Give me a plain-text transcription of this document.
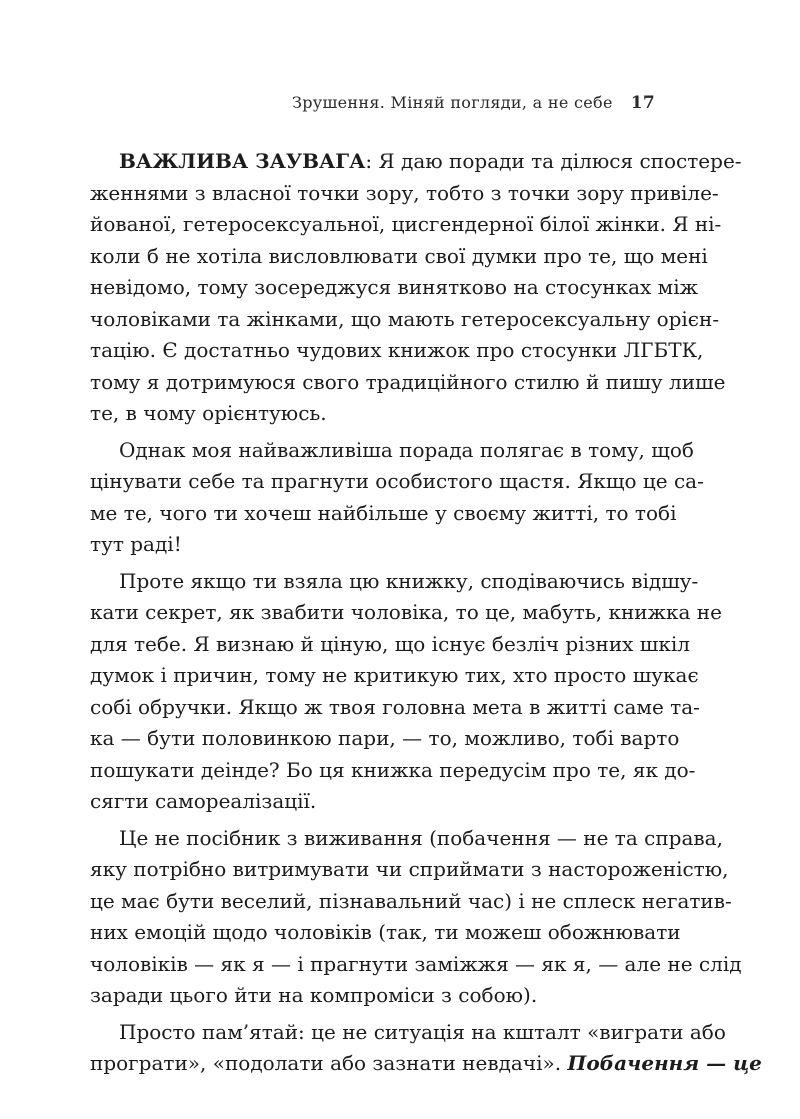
Зрушення. Міняй погляди, а не себе 17
ВАЖЛИВА ЗАУВАГА: Я даю поради та ділюся спостере-
женнями з власної точки зору, тобто з точки зору привіле-
йованої, гетеросексуальної, цисгендерної білої жінки. Я ні-
коли б не хотіла висловлювати свої думки про те, що мені
невідомо, тому зосереджуся винятково на стосунках між
чоловіками та жінками, що мають гетеросексуальну орієн-
тацію. Є достатньо чудових книжок про стосунки ЛГБТК,
тому я дотримуюся свого традиційного стилю й пишу лише
те, в чому орієнтуюсь.
Однак моя найважливіша порада полягає в тому, щоб
цінувати себе та прагнути особистого щастя. Якщо це са-
ме те, чого ти хочеш найбільше у своєму житті, то тобі
тут раді!
Проте якщо ти взяла цю книжку, сподіваючись відшу-
кати секрет, як звабити чоловіка, то це, мабуть, книжка не
для тебе. Я визнаю й ціную, що існує безліч різних шкіл
думок і причин, тому не критикую тих, хто просто шукає
собі обручки. Якщо ж твоя головна мета в житті саме та-
ка — бути половинкою пари, — то, можливо, тобі варто
пошукати деінде? Бо ця книжка передусім про те, як до-
сягти самореалізації.
Це не посібник з виживання (побачення — не та справа,
яку потрібно витримувати чи сприймати з настороженістю,
це має бути веселий, пізнавальний час) і не сплеск негатив-
них емоцій щодо чоловіків (так, ти можеш обожнювати
чоловіків — як я — і прагнути заміжжя — як я, — але не слід
заради цього йти на компроміси з собою).
Просто пам’ятай: це не ситуація на кшталт «виграти або
програти», «подолати або зазнати невдачі». Побачення — це
